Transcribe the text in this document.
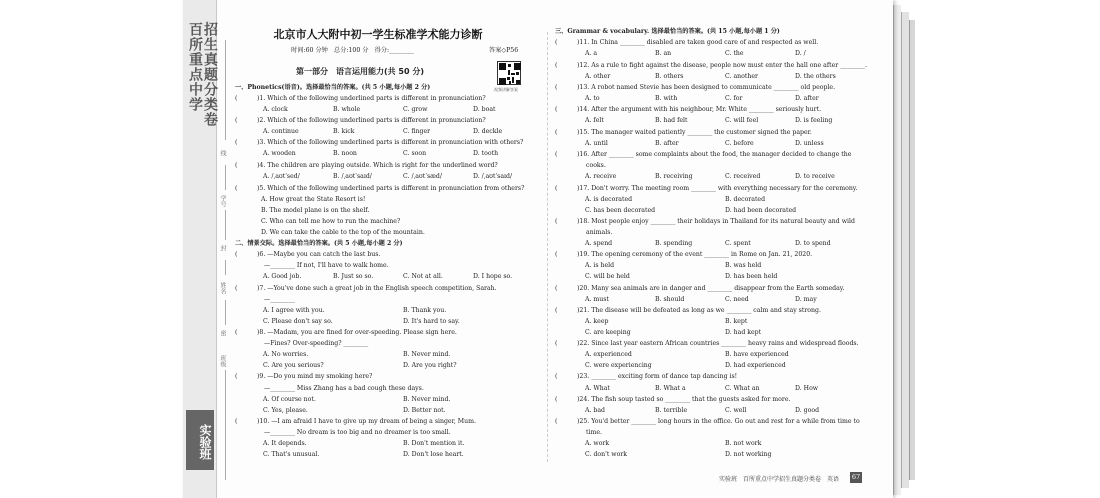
百所重点中学 招生真题分类卷
实验班
线
学号
封
姓名
密
班级
北京市人大附中初一学生标准学术能力诊断
时间:60 分钟　总分:100 分　得分:________	答案◇P56
视频讲解答案
第一部分　语言运用能力(共 50 分)
一、Phonetics(语音)。选择最恰当的答案。(共 5 小题,每小题 2 分)
(	)1. Which of the following underlined parts is different in pronunciation?
A. clock	B. whole	C. grow	D. boat
(	)2. Which of the following underlined parts is different in pronunciation?
A. continue	B. kick	C. finger	D. deckle
(	)3. Which of the following underlined parts is different in pronunciation with others?
A. wooden	B. noon	C. soon	D. tooth
(	)4. The children are playing outside. Which is right for the underlined word?
A. /ˌaʊtˈsed/	B. /ˌaʊtˈsaɪd/	C. /ˌaʊtˈsæd/	D. /ˌaʊtˈsaɪd/
(	)5. Which of the following underlined parts is different in pronunciation from others?
A. How great the State Resort is!
B. The model plane is on the shelf.
C. Who can tell me how to run the machine?
D. We can take the cable to the top of the mountain.
二、情景交际。选择最恰当的答案。(共 5 小题,每小题 2 分)
(	)6. —Maybe you can catch the last bus.
—________ If not, I'll have to walk home.
A. Good job.	B. Just so so.	C. Not at all.	D. I hope so.
(	)7. —You've done such a great job in the English speech competition, Sarah.
—________
A. I agree with you.	B. Thank you.
C. Please don't say so.	D. It's hard to say.
(	)8. —Madam, you are fined for over-speeding. Please sign here.
—Fines? Over-speeding? ________
A. No worries.	B. Never mind.
C. Are you serious?	D. Are you right?
(	)9. —Do you mind my smoking here?
—________ Miss Zhang has a bad cough these days.
A. Of course not.	B. Never mind.
C. Yes, please.	D. Better not.
(	)10. —I am afraid I have to give up my dream of being a singer, Mum.
—________ No dream is too big and no dreamer is too small.
A. It depends.	B. Don't mention it.
C. That's unusual.	D. Don't lose heart.
三、Grammar & vocabulary. 选择最恰当的答案。(共 15 小题,每小题 1 分)
(	)11. In China ________ disabled are taken good care of and respected as well.
A. a	B. an	C. the	D. /
(	)12. As a rule to fight against the disease, people now must enter the hall one after ________.
A. other	B. others	C. another	D. the others
(	)13. A robot named Stevie has been designed to communicate ________ old people.
A. to	B. with	C. for	D. after
(	)14. After the argument with his neighbour, Mr. White ________ seriously hurt.
A. felt	B. had felt	C. will feel	D. is feeling
(	)15. The manager waited patiently ________ the customer signed the paper.
A. until	B. after	C. before	D. unless
(	)16. After ________ some complaints about the food, the manager decided to change the
cooks.
A. receive	B. receiving	C. received	D. to receive
(	)17. Don't worry. The meeting room ________ with everything necessary for the ceremony.
A. is decorated	B. decorated
C. has been decorated	D. had been decorated
(	)18. Most people enjoy ________ their holidays in Thailand for its natural beauty and wild
animals.
A. spend	B. spending	C. spent	D. to spend
(	)19. The opening ceremony of the event ________ in Rome on Jan. 21, 2020.
A. is held	B. was held
C. will be held	D. has been held
(	)20. Many sea animals are in danger and ________ disappear from the Earth someday.
A. must	B. should	C. need	D. may
(	)21. The disease will be defeated as long as we ________ calm and stay strong.
A. keep	B. kept
C. are keeping	D. had kept
(	)22. Since last year eastern African countries ________ heavy rains and widespread floods.
A. experienced	B. have experienced
C. were experiencing	D. had experienced
(	)23. ________ exciting form of dance tap dancing is!
A. What	B. What a	C. What an	D. How
(	)24. The fish soup tasted so ________ that the guests asked for more.
A. bad	B. terrible	C. well	D. good
(	)25. You'd better ________ long hours in the office. Go out and rest for a while from time to
time.
A. work	B. not work
C. don't work	D. not working
实验班　百所重点中学招生真题分类卷　英语 67
